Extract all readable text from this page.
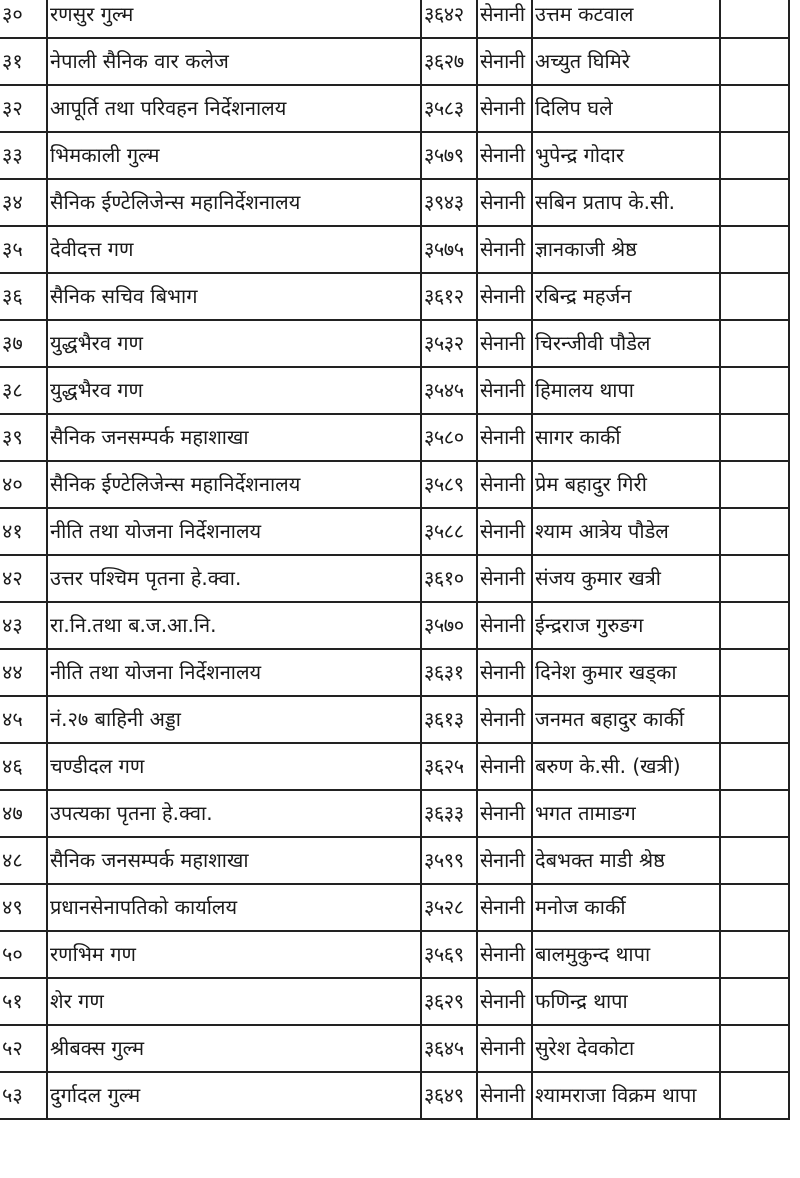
३०	रणसुर गुल्म	३६४२	सेनानी	उत्तम कटवाल	
३१	नेपाली सैनिक वार कलेज	३६२७	सेनानी	अच्युत घिमिरे	
३२	आपूर्ति तथा परिवहन निर्देशनालय	३५८३	सेनानी	दिलिप घले	
३३	भिमकाली गुल्म	३५७९	सेनानी	भुपेन्द्र गोदार	
३४	सैनिक ईण्टेलिजेन्स महानिर्देशनालय	३९४३	सेनानी	सबिन प्रताप के.सी.	
३५	देवीदत्त गण	३५७५	सेनानी	ज्ञानकाजी श्रेष्ठ	
३६	सैनिक सचिव बिभाग	३६१२	सेनानी	रबिन्द्र महर्जन	
३७	युद्धभैरव गण	३५३२	सेनानी	चिरन्जीवी पौडेल	
३८	युद्धभैरव गण	३५४५	सेनानी	हिमालय थापा	
३९	सैनिक जनसम्पर्क महाशाखा	३५८०	सेनानी	सागर कार्की	
४०	सैनिक ईण्टेलिजेन्स महानिर्देशनालय	३५८९	सेनानी	प्रेम बहादुर गिरी	
४१	नीति तथा योजना निर्देशनालय	३५८८	सेनानी	श्याम आत्रेय पौडेल	
४२	उत्तर पश्चिम पृतना हे.क्वा.	३६१०	सेनानी	संजय कुमार खत्री	
४३	रा.नि.तथा ब.ज.आ.नि.	३५७०	सेनानी	ईन्द्रराज गुरुङग	
४४	नीति तथा योजना निर्देशनालय	३६३१	सेनानी	दिनेश कुमार खड्का	
४५	नं.२७ बाहिनी अड्डा	३६१३	सेनानी	जनमत बहादुर कार्की	
४६	चण्डीदल गण	३६२५	सेनानी	बरुण के.सी. (खत्री)	
४७	उपत्यका पृतना हे.क्वा.	३६३३	सेनानी	भगत तामाङग	
४८	सैनिक जनसम्पर्क महाशाखा	३५९९	सेनानी	देबभक्त माडी श्रेष्ठ	
४९	प्रधानसेनापतिको कार्यालय	३५२८	सेनानी	मनोज कार्की	
५०	रणभिम गण	३५६९	सेनानी	बालमुकुन्द थापा	
५१	शेर गण	३६२९	सेनानी	फणिन्द्र थापा	
५२	श्रीबक्स गुल्म	३६४५	सेनानी	सुरेश देवकोटा	
५३	दुर्गादल गुल्म	३६४९	सेनानी	श्यामराजा विक्रम थापा	
